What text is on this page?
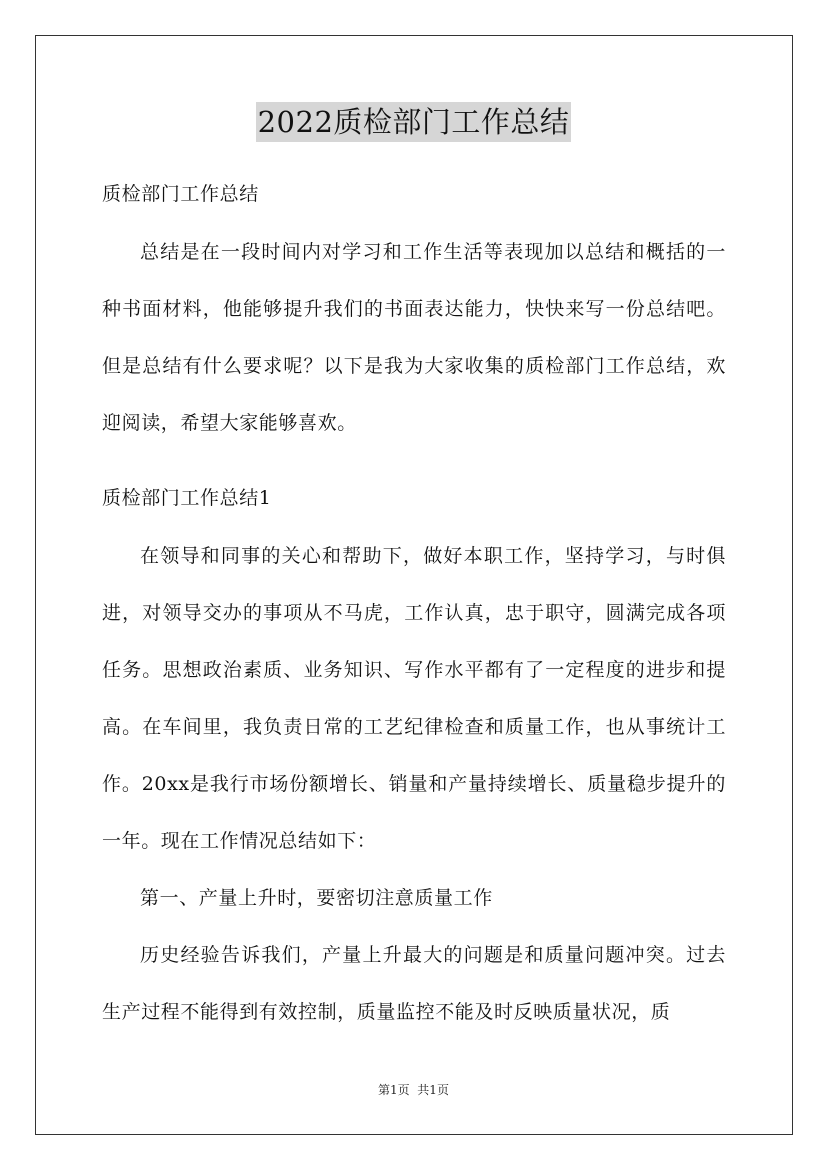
2022质检部门工作总结
质检部门工作总结
总结是在一段时间内对学习和工作生活等表现加以总结和概括的一种书面材料，他能够提升我们的书面表达能力，快快来写一份总结吧。但是总结有什么要求呢？以下是我为大家收集的质检部门工作总结，欢迎阅读，希望大家能够喜欢。
质检部门工作总结1
在领导和同事的关心和帮助下，做好本职工作，坚持学习，与时俱进，对领导交办的事项从不马虎，工作认真，忠于职守，圆满完成各项任务。思想政治素质、业务知识、写作水平都有了一定程度的进步和提高。在车间里，我负责日常的工艺纪律检查和质量工作，也从事统计工作。20xx是我行市场份额增长、销量和产量持续增长、质量稳步提升的一年。现在工作情况总结如下：
第一、产量上升时，要密切注意质量工作
历史经验告诉我们，产量上升最大的问题是和质量问题冲突。过去生产过程不能得到有效控制，质量监控不能及时反映质量状况，质
第1页  共1页
